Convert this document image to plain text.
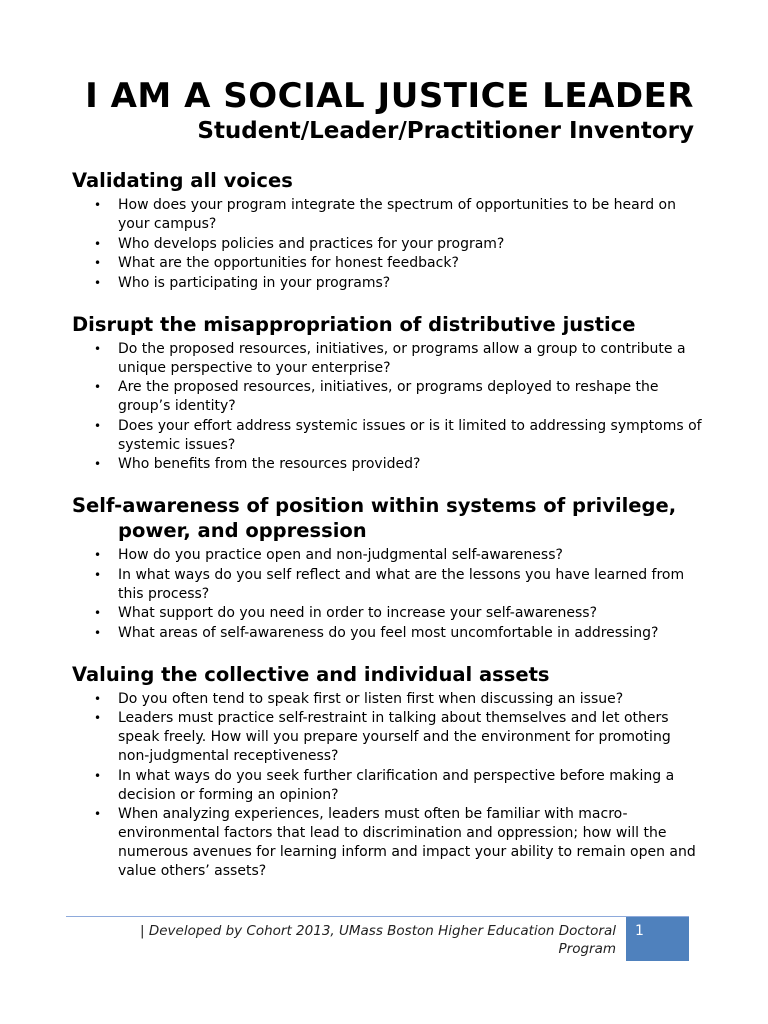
I AM A SOCIAL JUSTICE LEADER
Student/Leader/Practitioner Inventory
Validating all voices
• How does your program integrate the spectrum of opportunities to be heard on your campus?
• Who develops policies and practices for your program?
• What are the opportunities for honest feedback?
• Who is participating in your programs?
Disrupt the misappropriation of distributive justice
• Do the proposed resources, initiatives, or programs allow a group to contribute a unique perspective to your enterprise?
• Are the proposed resources, initiatives, or programs deployed to reshape the group’s identity?
• Does your effort address systemic issues or is it limited to addressing symptoms of systemic issues?
• Who benefits from the resources provided?
Self-awareness of position within systems of privilege, power, and oppression
• How do you practice open and non-judgmental self-awareness?
• In what ways do you self reflect and what are the lessons you have learned from this process?
• What support do you need in order to increase your self-awareness?
• What areas of self-awareness do you feel most uncomfortable in addressing?
Valuing the collective and individual assets
• Do you often tend to speak first or listen first when discussing an issue?
• Leaders must practice self-restraint in talking about themselves and let others speak freely. How will you prepare yourself and the environment for promoting non-judgmental receptiveness?
• In what ways do you seek further clarification and perspective before making a decision or forming an opinion?
• When analyzing experiences, leaders must often be familiar with macro-environmental factors that lead to discrimination and oppression; how will the numerous avenues for learning inform and impact your ability to remain open and value others’ assets?
| Developed by Cohort 2013, UMass Boston Higher Education Doctoral Program
1
